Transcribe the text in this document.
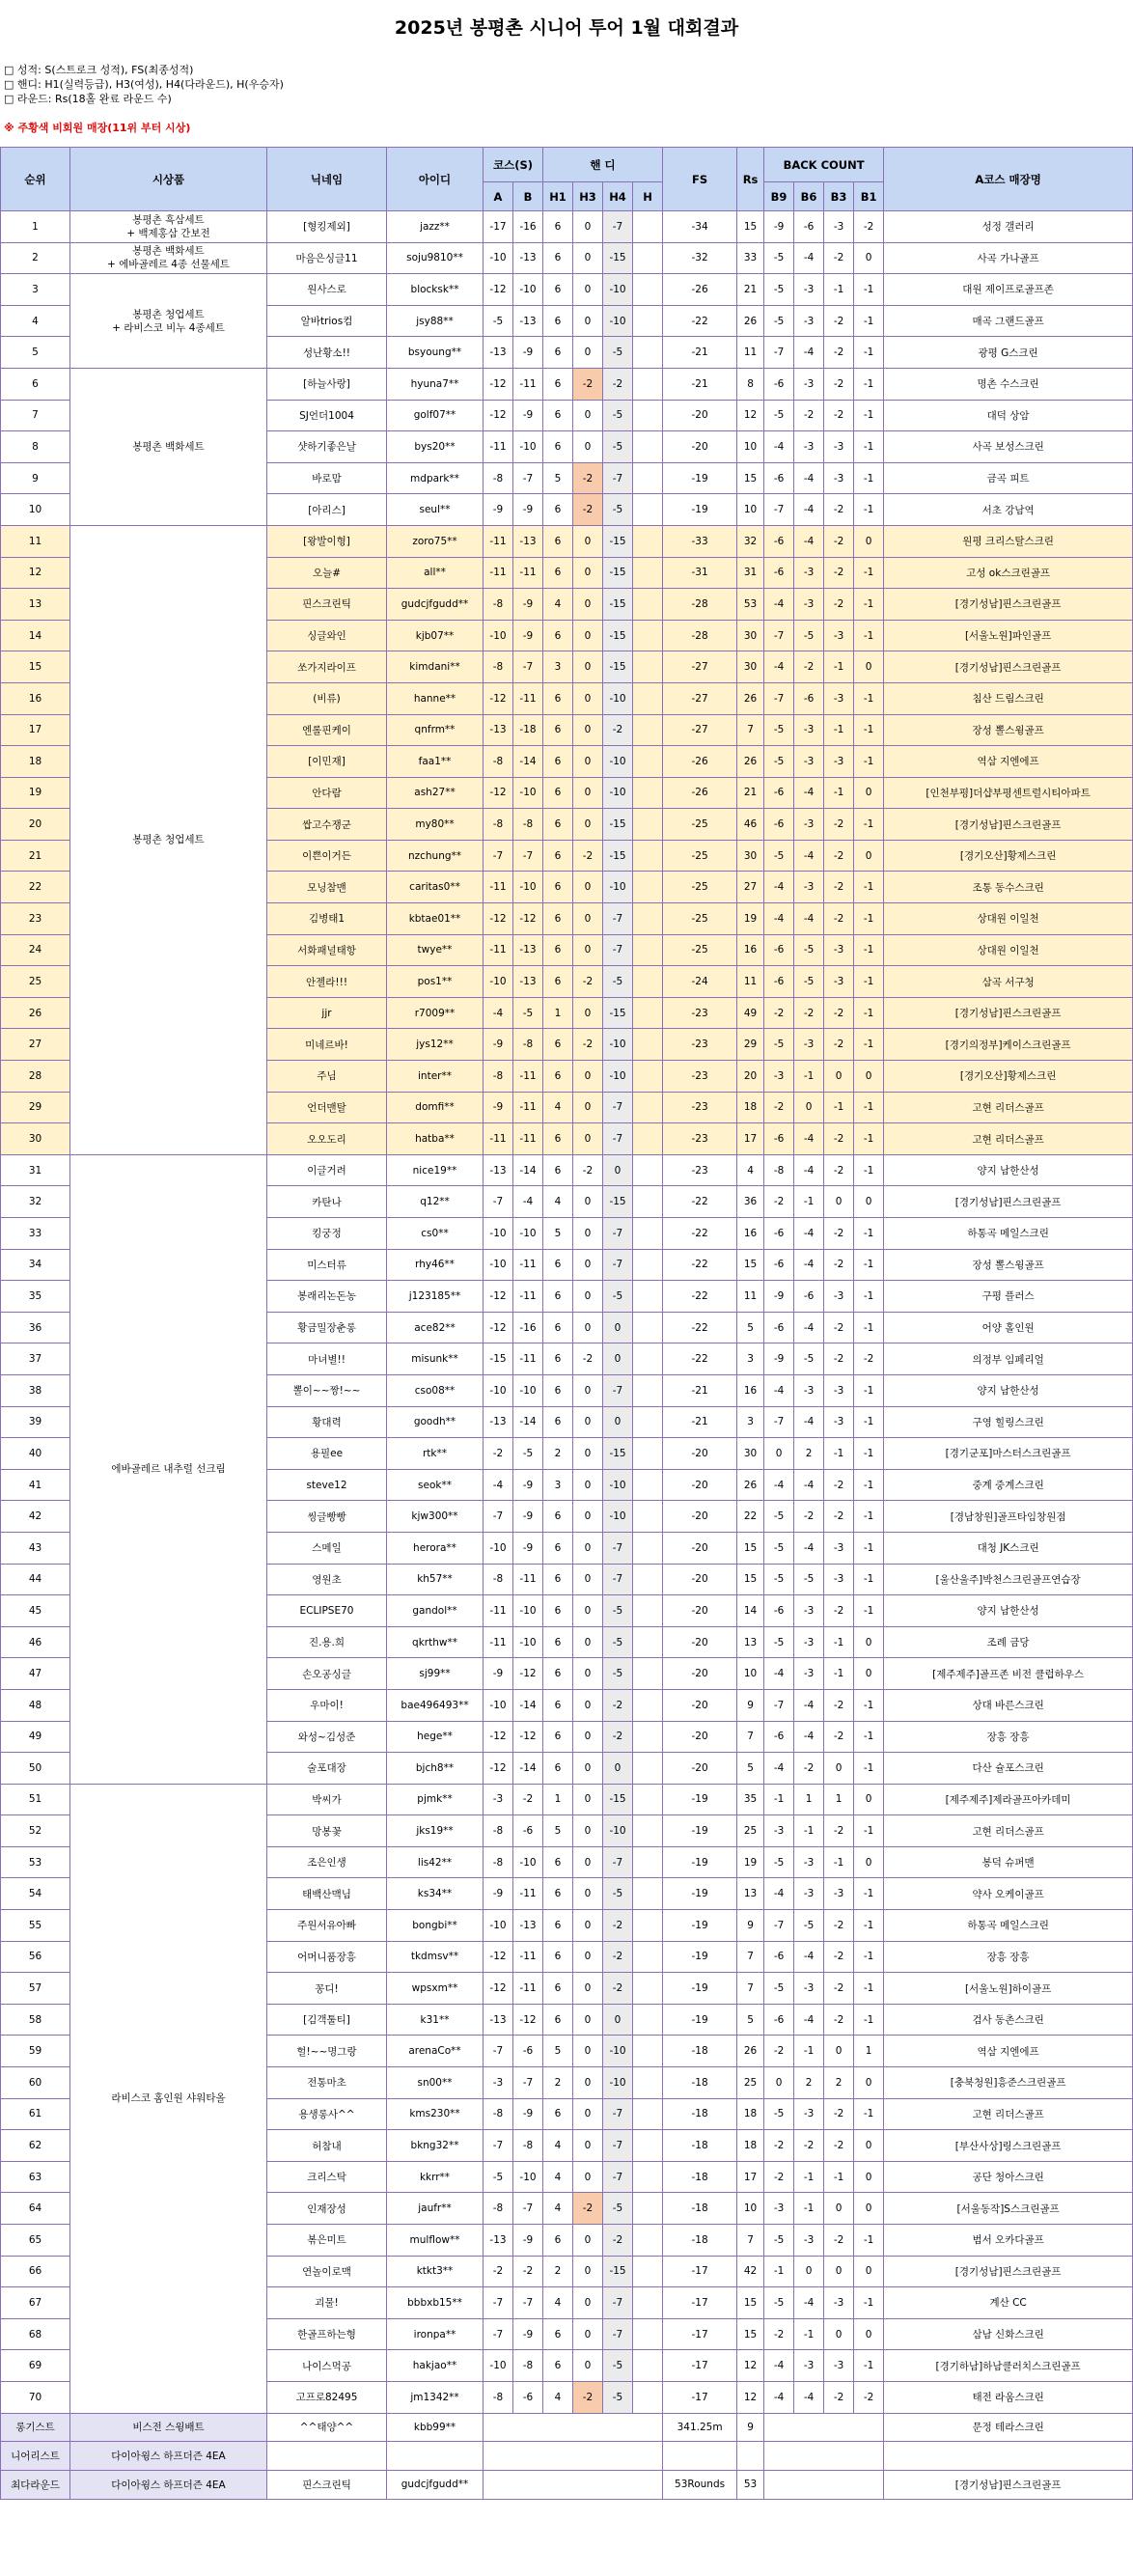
2025년 봉평촌 시니어 투어 1월 대회결과
□ 성적: S(스트로크 성적), FS(최종성적)
□ 핸디: H1(실력등급), H3(여성), H4(다라운드), H(우승자)
□ 라운드: Rs(18홀 완료 라운드 수)
※ 주황색 비회원 매장(11위 부터 시상)
순위	시상품	닉네임	아이디	코스(S)		핸 디				FS	Rs	BACK COUNT				A코스 매장명
				A	B	H1	H3	H4	H			B9	B6	B3	B1	
1	봉평촌 흑삼세트
+ 백제홍삼 간보전	[형킹제외]	jazz**	-17	-16	6	0	-7		-34	15	-9	-6	-3	-2	성정 갤러리
2	봉평촌 백화세트
+ 에바골레르 4종 선물세트	마음은싱글11	soju9810**	-10	-13	6	0	-15		-32	33	-5	-4	-2	0	사곡 가나골프
3	봉평촌 청업세트
+ 라비스코 비누 4종세트	원사스로	blocksk**	-12	-10	6	0	-10		-26	21	-5	-3	-1	-1	대원 제이프로골프존
4		알바trios컴	jsy88**	-5	-13	6	0	-10		-22	26	-5	-3	-2	-1	매곡 그랜드골프
5		성난황소!!	bsyoung**	-13	-9	6	0	-5		-21	11	-7	-4	-2	-1	광평 G스크린
6	봉평촌 백화세트	[하늘사랑]	hyuna7**	-12	-11	6	-2	-2		-21	8	-6	-3	-2	-1	명촌 수스크린
7		SJ언더1004	golf07**	-12	-9	6	0	-5		-20	12	-5	-2	-2	-1	대덕 상암
8		샷하기좋은날	bys20**	-11	-10	6	0	-5		-20	10	-4	-3	-3	-1	사곡 보성스크린
9		바로맘	mdpark**	-8	-7	5	-2	-7		-19	15	-6	-4	-3	-1	금곡 피트
10		[아리스]	seul**	-9	-9	6	-2	-5		-19	10	-7	-4	-2	-1	서초 강남역
11	봉평촌 청업세트	[왕발이형]	zoro75**	-11	-13	6	0	-15		-33	32	-6	-4	-2	0	원평 크리스탈스크린
12		오늘#	all**	-11	-11	6	0	-15		-31	31	-6	-3	-2	-1	고성 ok스크린골프
13		핀스크린틱	gudcjfgudd**	-8	-9	4	0	-15		-28	53	-4	-3	-2	-1	[경기성남]핀스크린골프
14		싱글와인	kjb07**	-10	-9	6	0	-15		-28	30	-7	-5	-3	-1	[서울노원]파인골프
15		쏘가지라이프	kimdani**	-8	-7	3	0	-15		-27	30	-4	-2	-1	0	[경기성남]핀스크린골프
16		(비류)	hanne**	-12	-11	6	0	-10		-27	26	-7	-6	-3	-1	침산 드림스크린
17		엔롤핀케이	qnfrm**	-13	-18	6	0	-2		-27	7	-5	-3	-1	-1	장성 뽈스윙골프
18		[이민재]	faa1**	-8	-14	6	0	-10		-26	26	-5	-3	-3	-1	역삼 지엔에프
19		안다람	ash27**	-12	-10	6	0	-10		-26	21	-6	-4	-1	0	[인천부평]더샵부평센트럴시티아파트
20		쌉고수쟁군	my80**	-8	-8	6	0	-15		-25	46	-6	-3	-2	-1	[경기성남]핀스크린골프
21		이쁜이거든	nzchung**	-7	-7	6	-2	-15		-25	30	-5	-4	-2	0	[경기오산]황제스크린
22		모닝참맨	caritas0**	-11	-10	6	0	-10		-25	27	-4	-3	-2	-1	조통 동수스크린
23		김병태1	kbtae01**	-12	-12	6	0	-7		-25	19	-4	-4	-2	-1	상대원 이일천
24		서화패널태항	twye**	-11	-13	6	0	-7		-25	16	-6	-5	-3	-1	상대원 이일천
25		안젤라!!!	pos1**	-10	-13	6	-2	-5		-24	11	-6	-5	-3	-1	삼곡 서구청
26		jjr	r7009**	-4	-5	1	0	-15		-23	49	-2	-2	-2	-1	[경기성남]핀스크린골프
27		미네르바!	jys12**	-9	-8	6	-2	-10		-23	29	-5	-3	-2	-1	[경기의정부]케이스크린골프
28		주님	inter**	-8	-11	6	0	-10		-23	20	-3	-1	0	0	[경기오산]황제스크린
29		언더맨탈	domfi**	-9	-11	4	0	-7		-23	18	-2	0	-1	-1	고현 리더스골프
30		오오도리	hatba**	-11	-11	6	0	-7		-23	17	-6	-4	-2	-1	고현 리더스골프
31	에바골레르 내추럴 선크림	이글거려	nice19**	-13	-14	6	-2	0		-23	4	-8	-4	-2	-1	양지 남한산성
32		카탄나	q12**	-7	-4	4	0	-15		-22	36	-2	-1	0	0	[경기성남]핀스크린골프
33		킹궁정	cs0**	-10	-10	5	0	-7		-22	16	-6	-4	-2	-1	하통곡 메일스크린
34		미스터류	rhy46**	-10	-11	6	0	-7		-22	15	-6	-4	-2	-1	장성 뽈스윙골프
35		봉래리논돈농	j123185**	-12	-11	6	0	-5		-22	11	-9	-6	-3	-1	구평 플러스
36		황금밀장춘롱	ace82**	-12	-16	6	0	0		-22	5	-6	-4	-2	-1	어양 홀인원
37		마녀별!!	misunk**	-15	-11	6	-2	0		-22	3	-9	-5	-2	-2	의정부 임페리얼
38		뽈이~~짱!~~	cso08**	-10	-10	6	0	-7		-21	16	-4	-3	-3	-1	양지 남한산성
39		황대력	goodh**	-13	-14	6	0	0		-21	3	-7	-4	-3	-1	구영 힐링스크린
40		용필ee	rtk**	-2	-5	2	0	-15		-20	30	0	2	-1	-1	[경기군포]마스터스크린골프
41		steve12	seok**	-4	-9	3	0	-10		-20	26	-4	-4	-2	-1	중계 중계스크린
42		씽글빵빵	kjw300**	-7	-9	6	0	-10		-20	22	-5	-2	-2	-1	[경남창원]골프타임창원점
43		스메일	herora**	-10	-9	6	0	-7		-20	15	-5	-4	-3	-1	대청 JK스크린
44		영원초	kh57**	-8	-11	6	0	-7		-20	15	-5	-5	-3	-1	[울산울주]박천스크린골프연습장
45		ECLIPSE70	gandol**	-11	-10	6	0	-5		-20	14	-6	-3	-2	-1	양지 남한산성
46		진.용.희	qkrthw**	-11	-10	6	0	-5		-20	13	-5	-3	-1	0	조례 금당
47		손오공싱글	sj99**	-9	-12	6	0	-5		-20	10	-4	-3	-1	0	[제주제주]골프존 비전 클럽하우스
48		우마이!	bae496493**	-10	-14	6	0	-2		-20	9	-7	-4	-2	-1	상대 바른스크린
49		와성~김성준	hege**	-12	-12	6	0	-2		-20	7	-6	-4	-2	-1	장흥 장흥
50		술포대장	bjch8**	-12	-14	6	0	0		-20	5	-4	-2	0	-1	다산 슐포스크린
51	라비스코 홈인원 샤워타올	박씨가	pjmk**	-3	-2	1	0	-15		-19	35	-1	1	1	0	[제주제주]제라골프아카데미
52		망봉꽃	jks19**	-8	-6	5	0	-10		-19	25	-3	-1	-2	-1	고현 리더스골프
53		조은인생	lis42**	-8	-10	6	0	-7		-19	19	-5	-3	-1	0	봉덕 슈퍼맨
54		태백산맥님	ks34**	-9	-11	6	0	-5		-19	13	-4	-3	-3	-1	약사 오케이골프
55		주원서유아빠	bongbi**	-10	-13	6	0	-2		-19	9	-7	-5	-2	-1	하통곡 메일스크린
56		어머니품장흥	tkdmsv**	-12	-11	6	0	-2		-19	7	-6	-4	-2	-1	장흥 장흥
57		꽁디!	wpsxm**	-12	-11	6	0	-2		-19	7	-5	-3	-2	-1	[서울노원]하이골프
58		[김객툴티]	k31**	-13	-12	6	0	0		-19	5	-6	-4	-2	-1	검사 동촌스크린
59		헐!~~명그랑	arenaCo**	-7	-6	5	0	-10		-18	26	-2	-1	0	1	역삼 지엔에프
60		전통마초	sn00**	-3	-7	2	0	-10		-18	25	0	2	2	0	[충북청원]흥준스크린골프
61		용생롱사^^	kms230**	-8	-9	6	0	-7		-18	18	-5	-3	-2	-1	고현 리더스골프
62		허참내	bkng32**	-7	-8	4	0	-7		-18	18	-2	-2	-2	0	[부산사상]링스크린골프
63		크리스탁	kkrr**	-5	-10	4	0	-7		-18	17	-2	-1	-1	0	공단 청아스크린
64		인재장성	jaufr**	-8	-7	4	-2	-5		-18	10	-3	-1	0	0	[서울동작]S스크린골프
65		볶은미트	mulflow**	-13	-9	6	0	-2		-18	7	-5	-3	-2	-1	범서 오카다골프
66		연놀이로맥	ktkt3**	-2	-2	2	0	-15		-17	42	-1	0	0	0	[경기성남]핀스크린골프
67		괴물!	bbbxb15**	-7	-7	4	0	-7		-17	15	-5	-4	-3	-1	계산 CC
68		한골프하는형	ironpa**	-7	-9	6	0	-7		-17	15	-2	-1	0	0	삼남 신화스크린
69		나이스먹공	hakjao**	-10	-8	6	0	-5		-17	12	-4	-3	-3	-1	[경기하남]하남클러치스크린골프
70		고프로82495	jm1342**	-8	-6	4	-2	-5		-17	12	-4	-4	-2	-2	태전 라움스크린
롱기스트	비스전 스윙배트	^^태양^^	kbb99**							341.25m	9					문정 테라스크린
니어리스트	다이아윙스 하프더즌 4EA															
최다라운드	다이아윙스 하프더즌 4EA	핀스크린틱	gudcjfgudd**							53Rounds	53					[경기성남]핀스크린골프
